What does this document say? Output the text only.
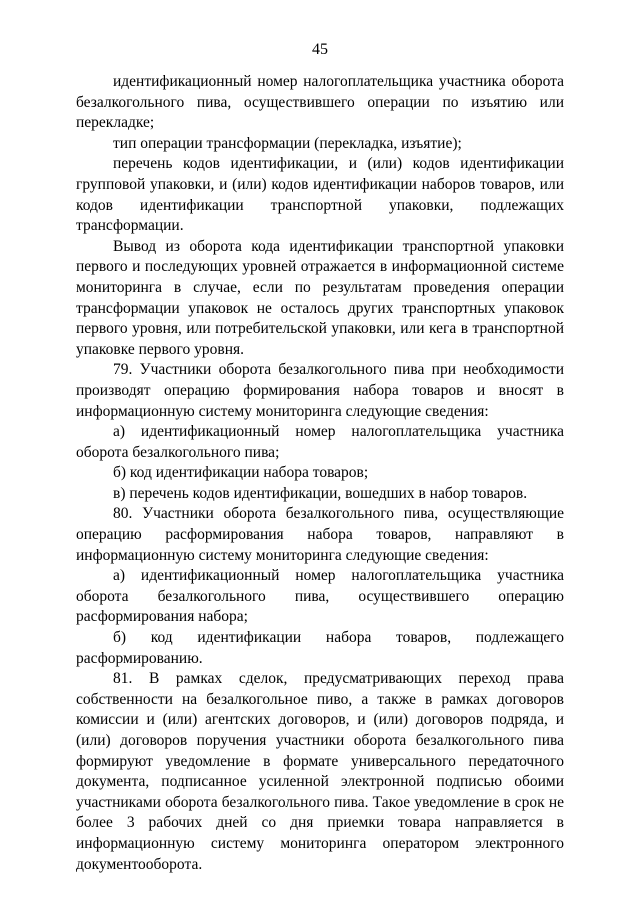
45

идентификационный номер налогоплательщика участника оборота безалкогольного пива, осуществившего операции по изъятию или перекладке;

тип операции трансформации (перекладка, изъятие);

перечень кодов идентификации, и (или) кодов идентификации групповой упаковки, и (или) кодов идентификации наборов товаров, или кодов идентификации транспортной упаковки, подлежащих трансформации.

Вывод из оборота кода идентификации транспортной упаковки первого и последующих уровней отражается в информационной системе мониторинга в случае, если по результатам проведения операции трансформации упаковок не осталось других транспортных упаковок первого уровня, или потребительской упаковки, или кега в транспортной упаковке первого уровня.

79. Участники оборота безалкогольного пива при необходимости производят операцию формирования набора товаров и вносят в информационную систему мониторинга следующие сведения:

а) идентификационный номер налогоплательщика участника оборота безалкогольного пива;

б) код идентификации набора товаров;

в) перечень кодов идентификации, вошедших в набор товаров.

80. Участники оборота безалкогольного пива, осуществляющие операцию расформирования набора товаров, направляют в информационную систему мониторинга следующие сведения:

а) идентификационный номер налогоплательщика участника оборота безалкогольного пива, осуществившего операцию расформирования набора;

б) код идентификации набора товаров, подлежащего расформированию.

81. В рамках сделок, предусматривающих переход права собственности на безалкогольное пиво, а также в рамках договоров комиссии и (или) агентских договоров, и (или) договоров подряда, и (или) договоров поручения участники оборота безалкогольного пива формируют уведомление в формате универсального передаточного документа, подписанное усиленной электронной подписью обоими участниками оборота безалкогольного пива. Такое уведомление в срок не более 3 рабочих дней со дня приемки товара направляется в информационную систему мониторинга оператором электронного документооборота.
